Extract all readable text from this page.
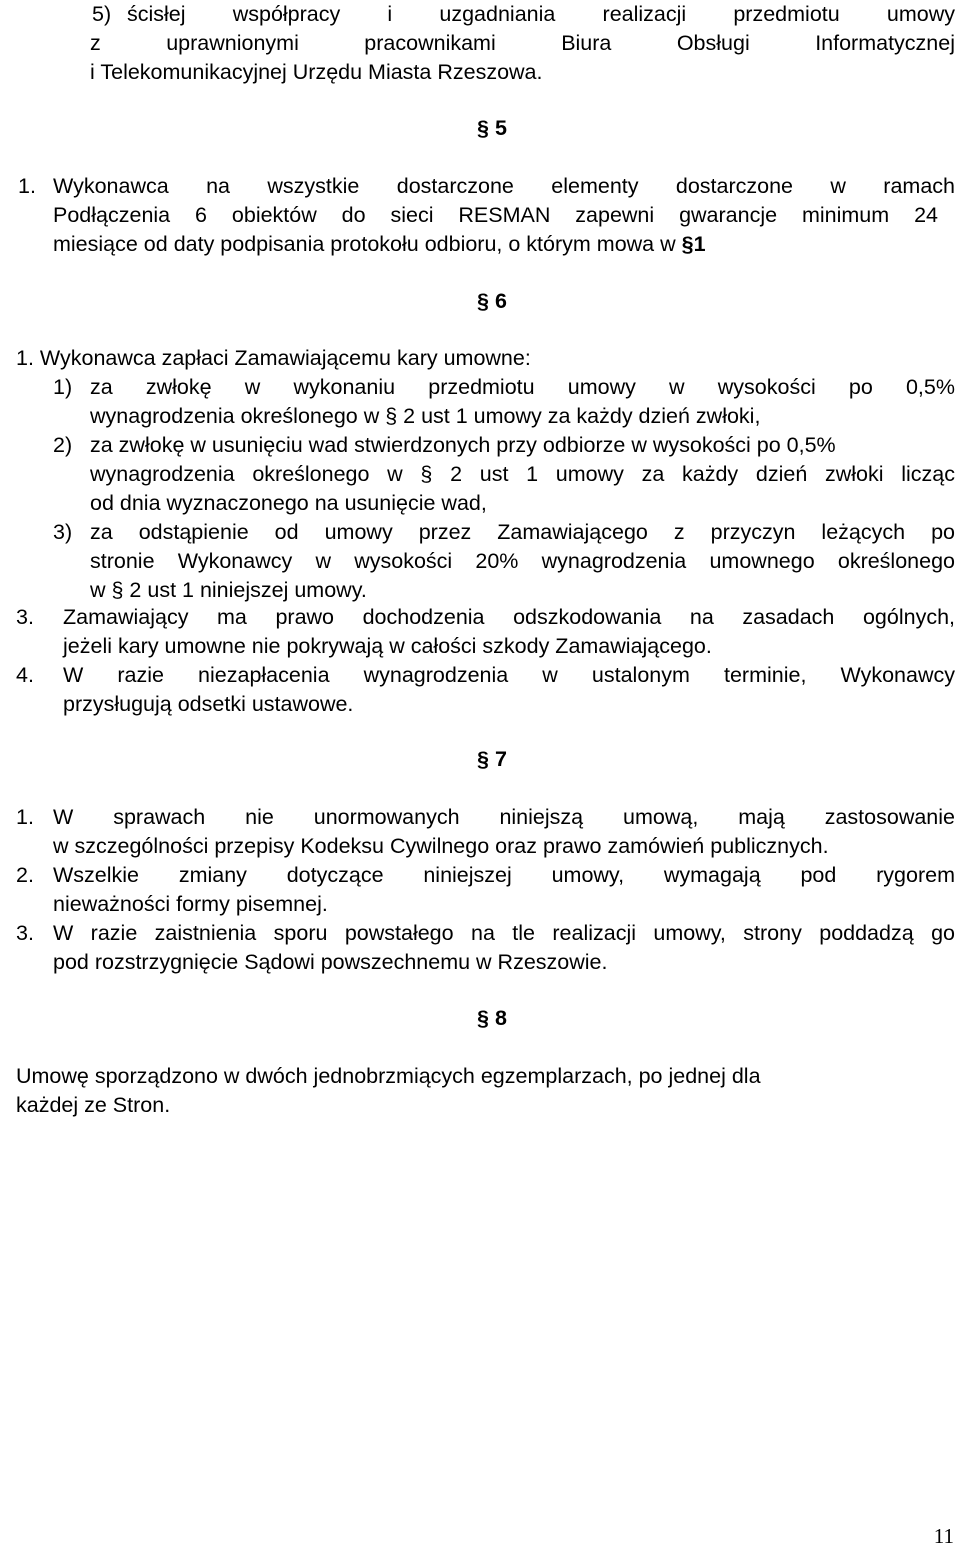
5) ścisłej współpracy i uzgadniania realizacji przedmiotu umowy
z uprawnionymi pracownikami Biura Obsługi Informatycznej
i Telekomunikacyjnej Urzędu Miasta Rzeszowa.
§ 5
1. Wykonawca na wszystkie dostarczone elementy dostarczone w ramach
Podłączenia 6 obiektów do sieci RESMAN zapewni gwarancje minimum 24
miesiące od daty podpisania protokołu odbioru, o którym mowa w §1
§ 6
1. Wykonawca zapłaci Zamawiającemu kary umowne:
1) za zwłokę w wykonaniu przedmiotu umowy w wysokości po 0,5%
wynagrodzenia określonego w § 2 ust 1 umowy za każdy dzień zwłoki,
2) za zwłokę w usunięciu wad stwierdzonych przy odbiorze w wysokości po 0,5%
wynagrodzenia określonego w § 2 ust 1 umowy za każdy dzień zwłoki licząc
od dnia wyznaczonego na usunięcie wad,
3) za odstąpienie od umowy przez Zamawiającego z przyczyn leżących po
stronie Wykonawcy w wysokości 20% wynagrodzenia umownego określonego
w § 2 ust 1 niniejszej umowy.
3. Zamawiający ma prawo dochodzenia odszkodowania na zasadach ogólnych,
jeżeli kary umowne nie pokrywają w całości szkody Zamawiającego.
4. W razie niezapłacenia wynagrodzenia w ustalonym terminie, Wykonawcy
przysługują odsetki ustawowe.
§ 7
1. W sprawach nie unormowanych niniejszą umową, mają zastosowanie
w szczególności przepisy Kodeksu Cywilnego oraz prawo zamówień publicznych.
2. Wszelkie zmiany dotyczące niniejszej umowy, wymagają pod rygorem
nieważności formy pisemnej.
3. W razie zaistnienia sporu powstałego na tle realizacji umowy, strony poddadzą go
pod rozstrzygnięcie Sądowi powszechnemu w Rzeszowie.
§ 8
Umowę sporządzono w dwóch jednobrzmiących egzemplarzach, po jednej dla
każdej ze Stron.
11
